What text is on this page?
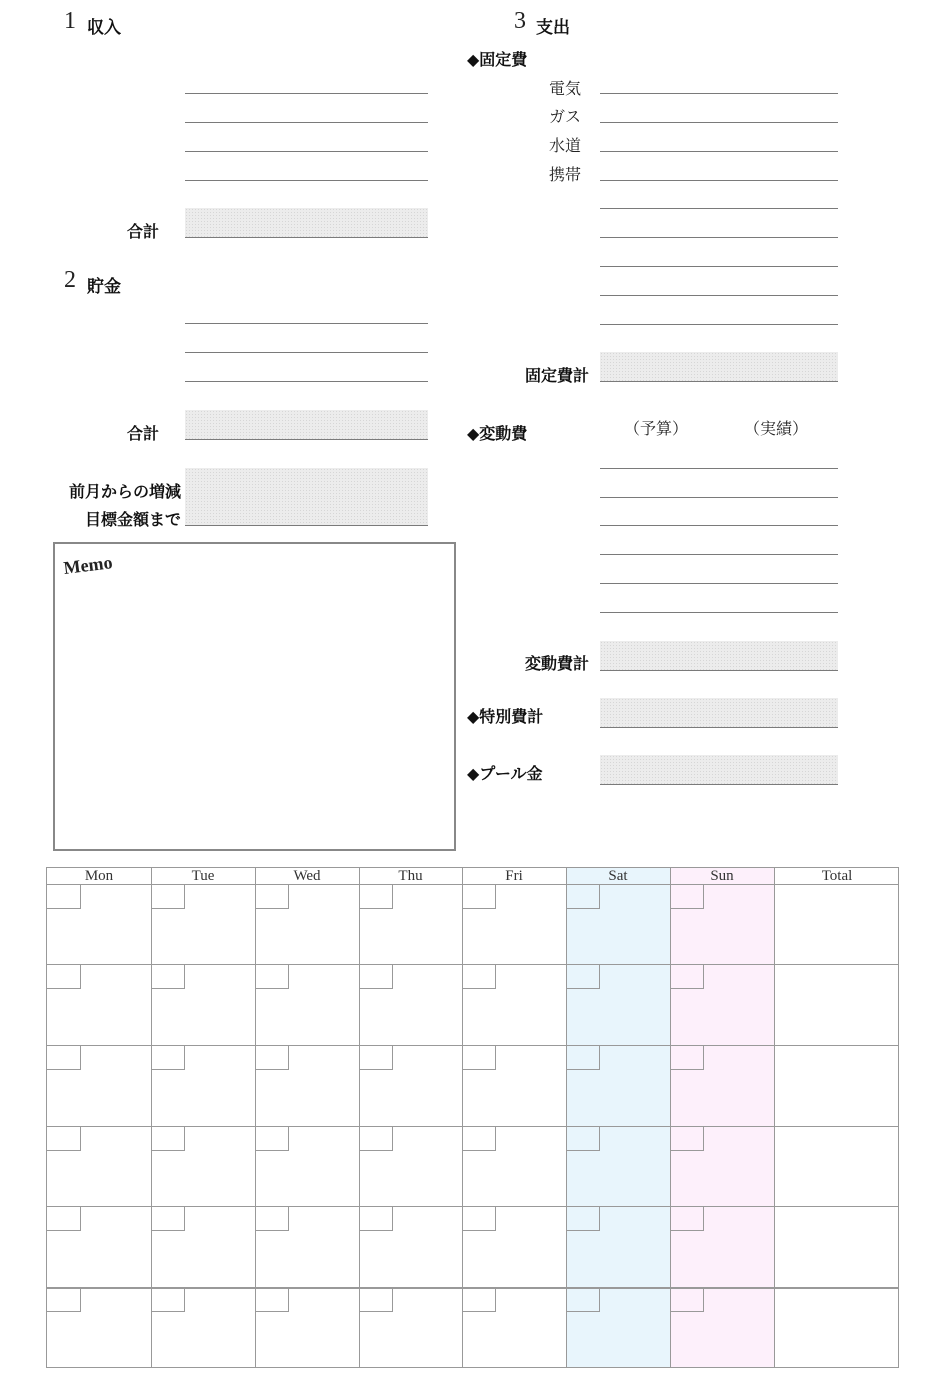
1 収入
合計
2 貯金
合計
前月からの増減
目標金額まで
Memo
3 支出
◆固定費
電気
ガス
水道
携帯
固定費計
◆変動費	（予算）	（実績）
変動費計
◆特別費計
◆プール金
Mon	Tue	Wed	Thu	Fri	Sat	Sun	Total
